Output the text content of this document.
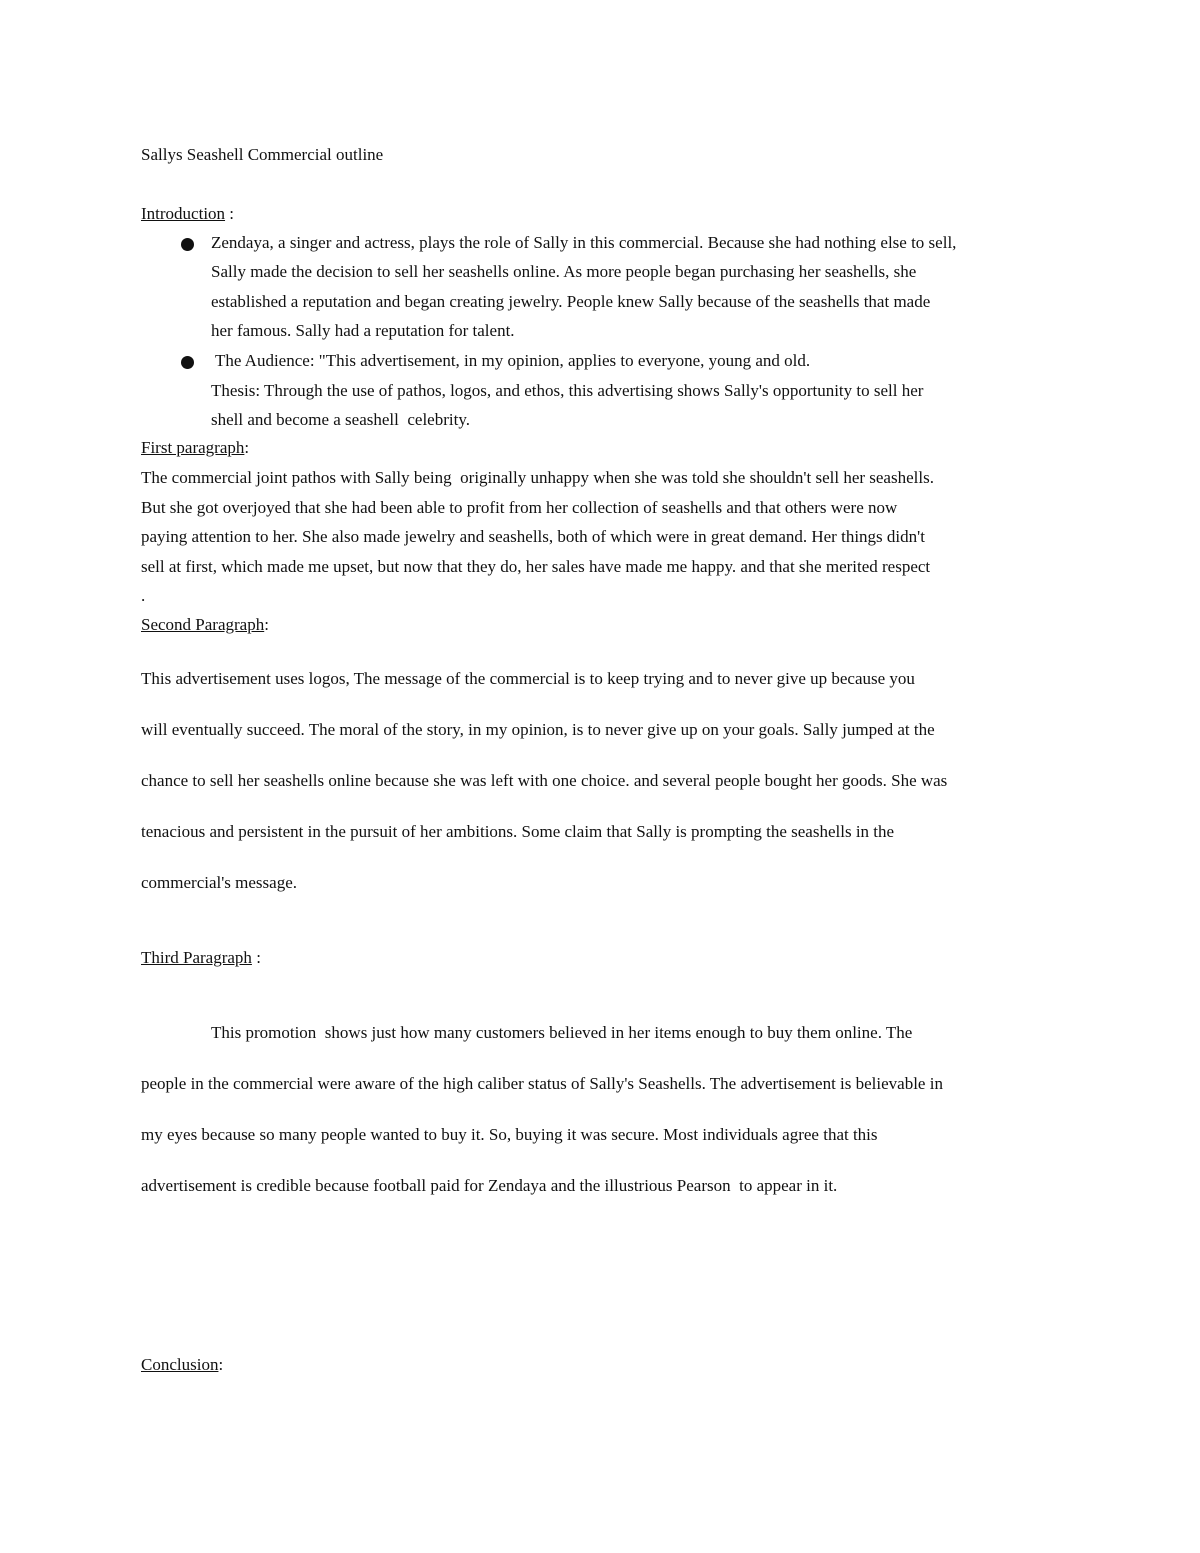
Sallys Seashell Commercial outline
Introduction :
Zendaya, a singer and actress, plays the role of Sally in this commercial. Because she had nothing else to sell,
Sally made the decision to sell her seashells online. As more people began purchasing her seashells, she
established a reputation and began creating jewelry. People knew Sally because of the seashells that made
her famous. Sally had a reputation for talent.
The Audience: "This advertisement, in my opinion, applies to everyone, young and old.
Thesis: Through the use of pathos, logos, and ethos, this advertising shows Sally's opportunity to sell her
shell and become a seashell  celebrity.
First paragraph:
The commercial joint pathos with Sally being  originally unhappy when she was told she shouldn't sell her seashells.
But she got overjoyed that she had been able to profit from her collection of seashells and that others were now
paying attention to her. She also made jewelry and seashells, both of which were in great demand. Her things didn't
sell at first, which made me upset, but now that they do, her sales have made me happy. and that she merited respect
.
Second Paragraph:
This advertisement uses logos, The message of the commercial is to keep trying and to never give up because you
will eventually succeed. The moral of the story, in my opinion, is to never give up on your goals. Sally jumped at the
chance to sell her seashells online because she was left with one choice. and several people bought her goods. She was
tenacious and persistent in the pursuit of her ambitions. Some claim that Sally is prompting the seashells in the
commercial's message.
Third Paragraph :
This promotion  shows just how many customers believed in her items enough to buy them online. The
people in the commercial were aware of the high caliber status of Sally's Seashells. The advertisement is believable in
my eyes because so many people wanted to buy it. So, buying it was secure. Most individuals agree that this
advertisement is credible because football paid for Zendaya and the illustrious Pearson  to appear in it.
Conclusion:
